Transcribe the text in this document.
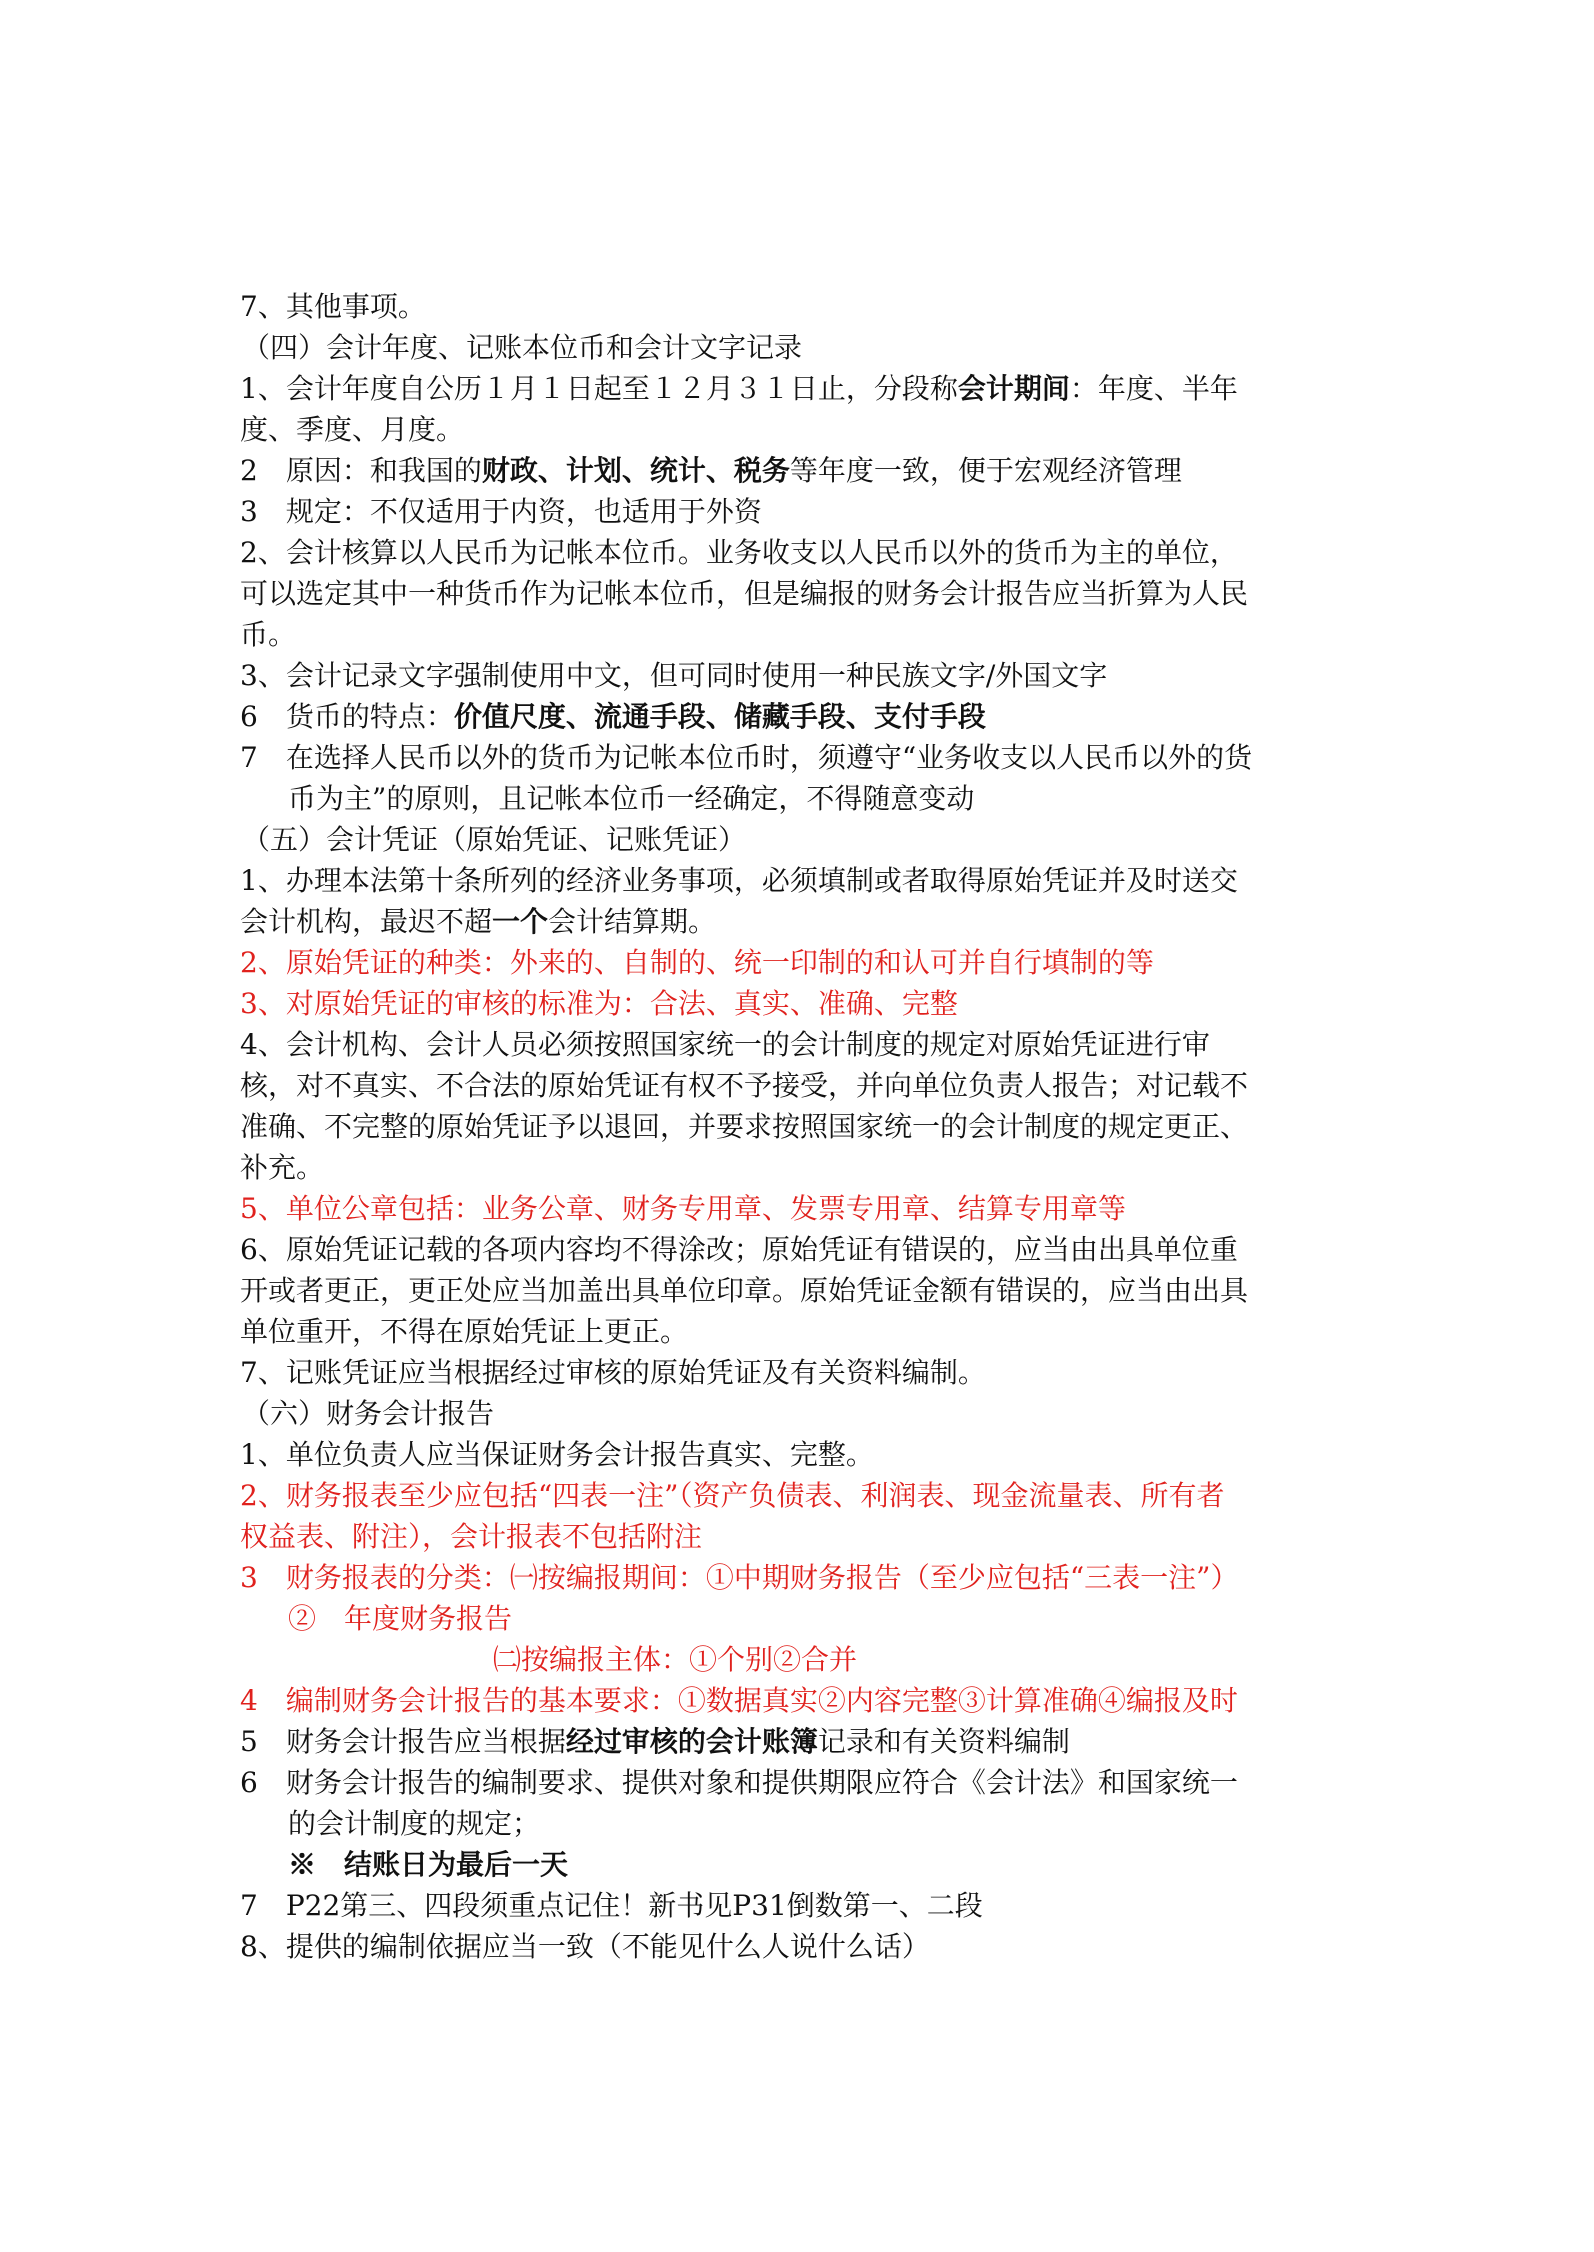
7、其他事项。
（四）会计年度、记账本位币和会计文字记录
1、会计年度自公历１月１日起至１２月３１日止，分段称会计期间：年度、半年
度、季度、月度。
2　原因：和我国的财政、计划、统计、税务等年度一致，便于宏观经济管理
3　规定：不仅适用于内资，也适用于外资
2、会计核算以人民币为记帐本位币。业务收支以人民币以外的货币为主的单位，
可以选定其中一种货币作为记帐本位币，但是编报的财务会计报告应当折算为人民
币。
3、会计记录文字强制使用中文，但可同时使用一种民族文字/外国文字
6　货币的特点：价值尺度、流通手段、储藏手段、支付手段
7　在选择人民币以外的货币为记帐本位币时，须遵守“业务收支以人民币以外的货
币为主”的原则，且记帐本位币一经确定，不得随意变动
（五）会计凭证（原始凭证、记账凭证）
1、办理本法第十条所列的经济业务事项，必须填制或者取得原始凭证并及时送交
会计机构，最迟不超一个会计结算期。
2、原始凭证的种类：外来的、自制的、统一印制的和认可并自行填制的等
3、对原始凭证的审核的标准为：合法、真实、准确、完整
4、会计机构、会计人员必须按照国家统一的会计制度的规定对原始凭证进行审
核，对不真实、不合法的原始凭证有权不予接受，并向单位负责人报告；对记载不
准确、不完整的原始凭证予以退回，并要求按照国家统一的会计制度的规定更正、
补充。
5、单位公章包括：业务公章、财务专用章、发票专用章、结算专用章等
6、原始凭证记载的各项内容均不得涂改；原始凭证有错误的，应当由出具单位重
开或者更正，更正处应当加盖出具单位印章。原始凭证金额有错误的，应当由出具
单位重开，不得在原始凭证上更正。
7、记账凭证应当根据经过审核的原始凭证及有关资料编制。
（六）财务会计报告
1、单位负责人应当保证财务会计报告真实、完整。
2、财务报表至少应包括“四表一注”（资产负债表、利润表、现金流量表、所有者
权益表、附注），会计报表不包括附注
3　财务报表的分类：㈠按编报期间：①中期财务报告（至少应包括“三表一注”）
②　年度财务报告
㈡按编报主体：①个别②合并
4　编制财务会计报告的基本要求：①数据真实②内容完整③计算准确④编报及时
5　财务会计报告应当根据经过审核的会计账簿记录和有关资料编制
6　财务会计报告的编制要求、提供对象和提供期限应符合《会计法》和国家统一
的会计制度的规定；
※　结账日为最后一天
7　P22第三、四段须重点记住！新书见P31倒数第一、二段
8、提供的编制依据应当一致（不能见什么人说什么话）
